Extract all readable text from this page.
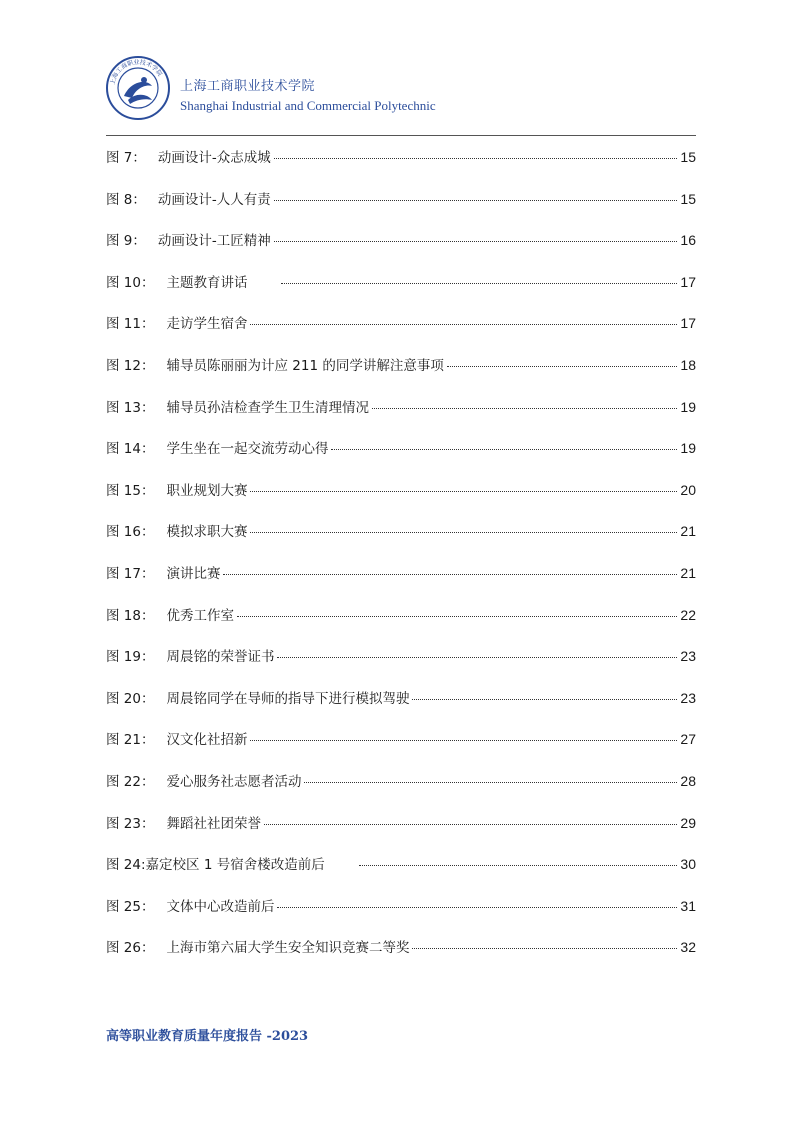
上海工商职业技术学院
上海工商职业技术学院
Shanghai Industrial and Commercial Polytechnic
图 7： 动画设计-众志成城	15
图 8： 动画设计-人人有责	15
图 9： 动画设计-工匠精神	16
图 10： 主题教育讲话	17
图 11： 走访学生宿舍	17
图 12： 辅导员陈丽丽为计应 211 的同学讲解注意事项	18
图 13： 辅导员孙洁检查学生卫生清理情况	19
图 14： 学生坐在一起交流劳动心得	19
图 15： 职业规划大赛	20
图 16： 模拟求职大赛	21
图 17： 演讲比赛	21
图 18： 优秀工作室	22
图 19： 周晨铭的荣誉证书	23
图 20： 周晨铭同学在导师的指导下进行模拟驾驶	23
图 21： 汉文化社招新	27
图 22： 爱心服务社志愿者活动	28
图 23： 舞蹈社社团荣誉	29
图 24: 嘉定校区 1 号宿舍楼改造前后	30
图 25： 文体中心改造前后	31
图 26： 上海市第六届大学生安全知识竞赛二等奖	32
高等职业教育质量年度报告 -2023
